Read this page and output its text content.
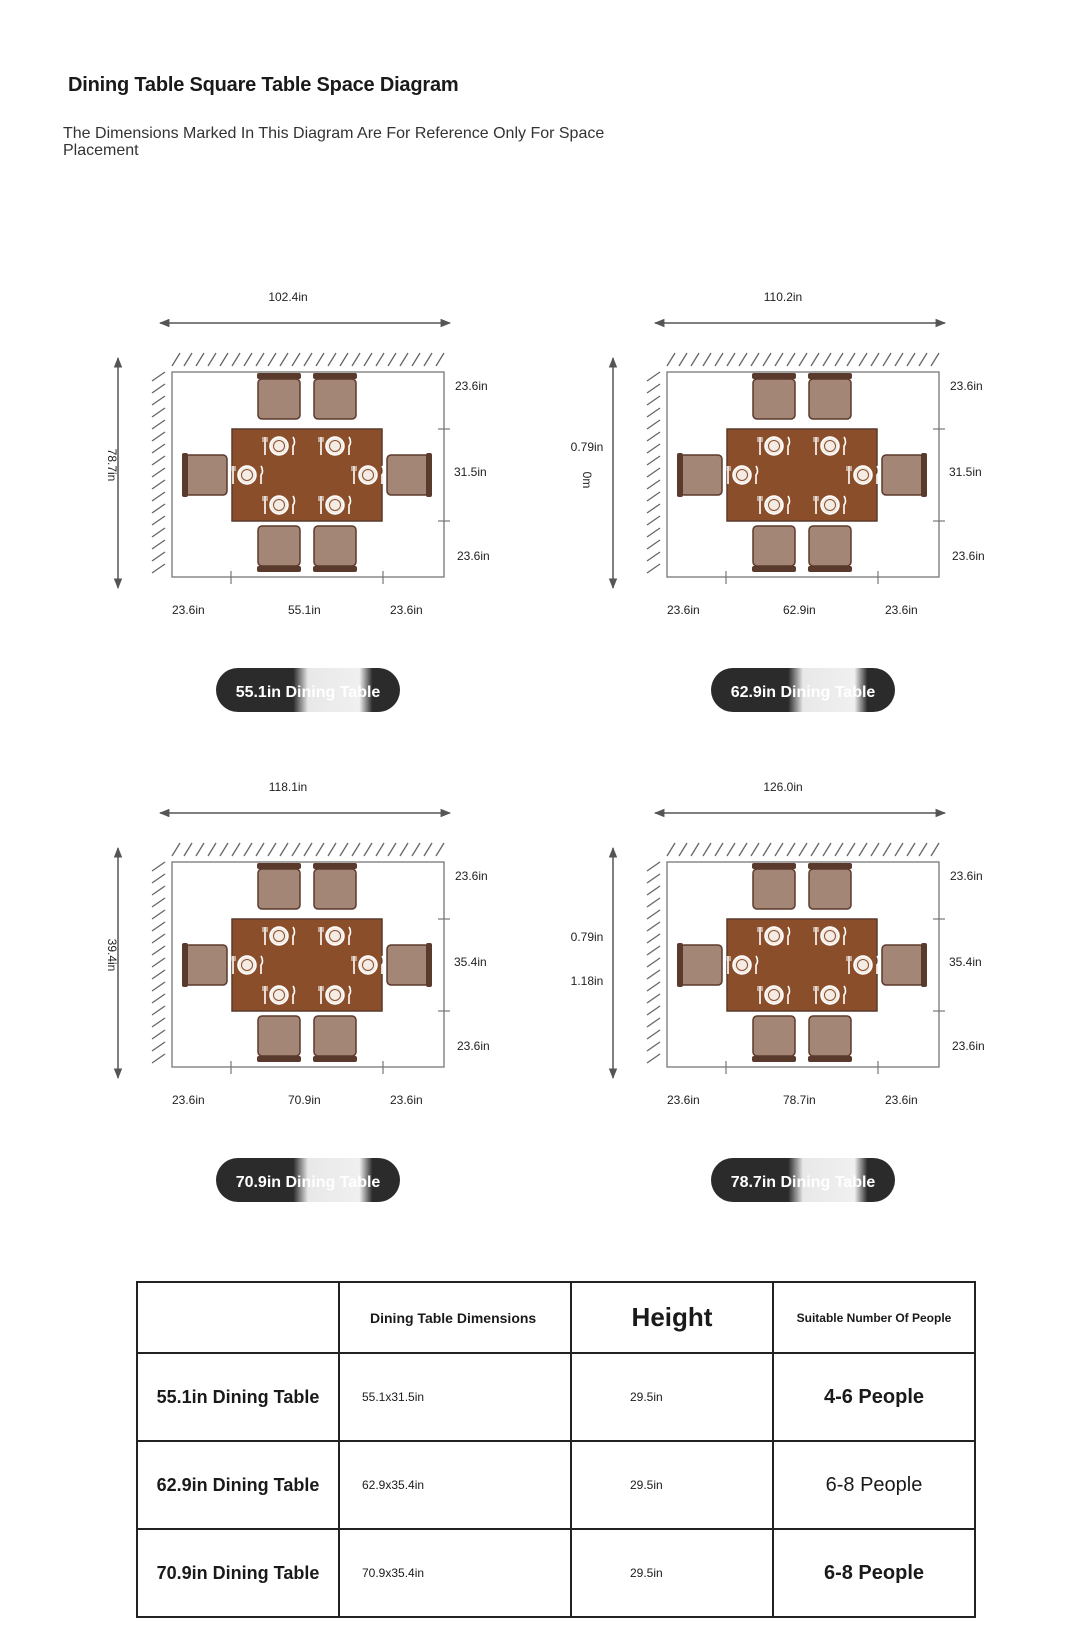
Dining Table Square Table Space Diagram

The Dimensions Marked In This Diagram Are For Reference Only For Space Placement

102.4in
78.7in
23.6in
31.5in
23.6in
23.6in	55.1in	23.6in
55.1in Dining Table
110.2in
0.79in
0m
23.6in
31.5in
23.6in
23.6in	62.9in	23.6in
62.9in Dining Table
118.1in
39.4in
23.6in
35.4in
23.6in
23.6in	70.9in	23.6in
70.9in Dining Table
126.0in
0.79in
1.18in
23.6in
35.4in
23.6in
23.6in	78.7in	23.6in
78.7in Dining Table
	Dining Table Dimensions	Height	Suitable Number Of People
55.1in Dining Table	55.1x31.5in	29.5in	4-6 People
62.9in Dining Table	62.9x35.4in	29.5in	6-8 People
70.9in Dining Table	70.9x35.4in	29.5in	6-8 People
